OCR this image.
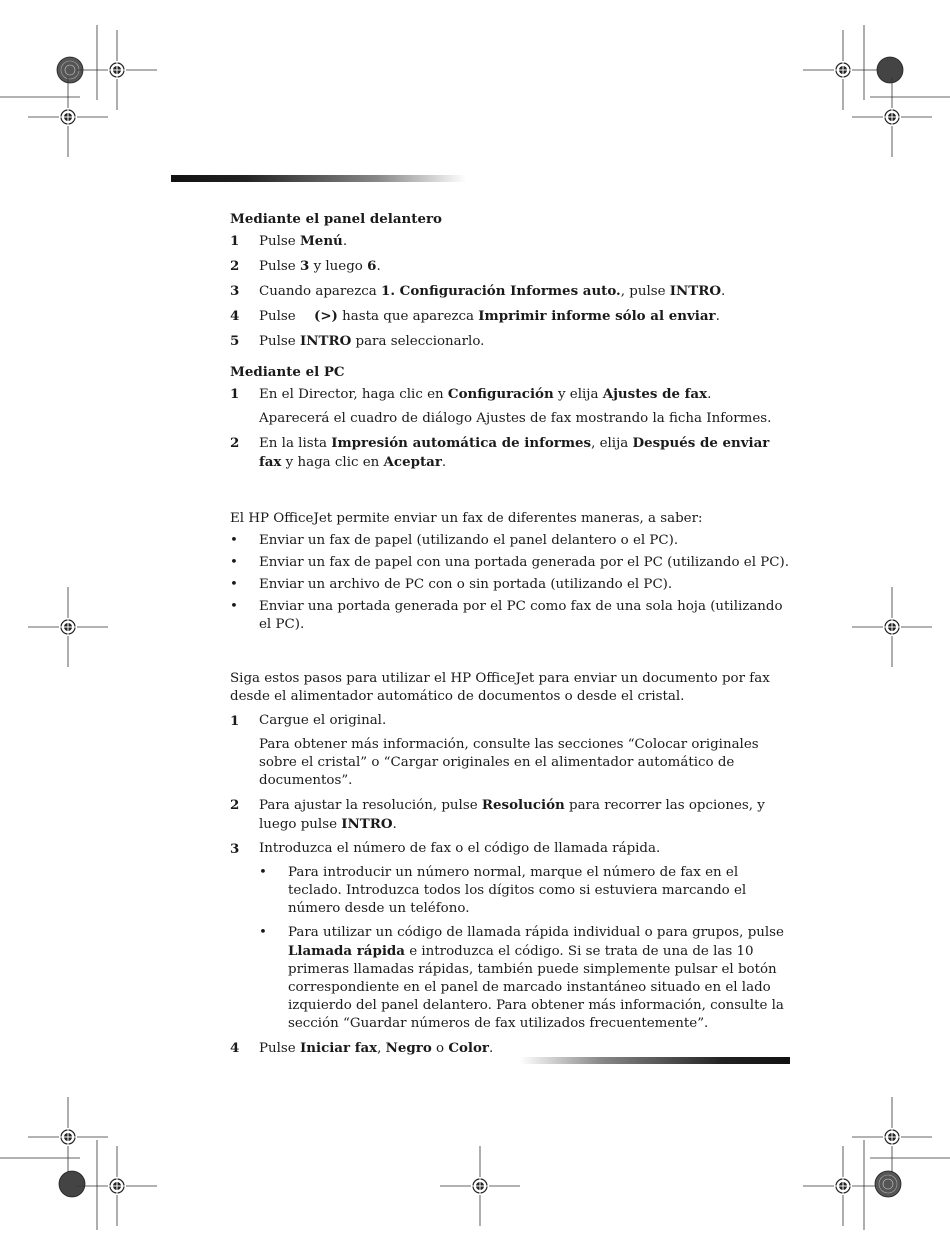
Mediante el panel delantero
1	Pulse Menú.
2	Pulse 3 y luego 6.
3	Cuando aparezca 1. Configuración Informes auto., pulse INTRO.
4	Pulse (>) hasta que aparezca Imprimir informe sólo al enviar.
5	Pulse INTRO para seleccionarlo.
Mediante el PC
1	En el Director, haga clic en Configuración y elija Ajustes de fax.
Aparecerá el cuadro de diálogo Ajustes de fax mostrando la ficha Informes.
2	En la lista Impresión automática de informes, elija Después de enviar fax y haga clic en Aceptar.
El HP OfficeJet permite enviar un fax de diferentes maneras, a saber:
•	Enviar un fax de papel (utilizando el panel delantero o el PC).
•	Enviar un fax de papel con una portada generada por el PC (utilizando el PC).
•	Enviar un archivo de PC con o sin portada (utilizando el PC).
•	Enviar una portada generada por el PC como fax de una sola hoja (utilizando el PC).
Siga estos pasos para utilizar el HP OfficeJet para enviar un documento por fax desde el alimentador automático de documentos o desde el cristal.
1	Cargue el original.
Para obtener más información, consulte las secciones “Colocar originales sobre el cristal” o “Cargar originales en el alimentador automático de documentos”.
2	Para ajustar la resolución, pulse Resolución para recorrer las opciones, y luego pulse INTRO.
3	Introduzca el número de fax o el código de llamada rápida.
•	Para introducir un número normal, marque el número de fax en el teclado. Introduzca todos los dígitos como si estuviera marcando el número desde un teléfono.
•	Para utilizar un código de llamada rápida individual o para grupos, pulse Llamada rápida e introduzca el código. Si se trata de una de las 10 primeras llamadas rápidas, también puede simplemente pulsar el botón correspondiente en el panel de marcado instantáneo situado en el lado izquierdo del panel delantero. Para obtener más información, consulte la sección “Guardar números de fax utilizados frecuentemente”.
4	Pulse Iniciar fax, Negro o Color.
